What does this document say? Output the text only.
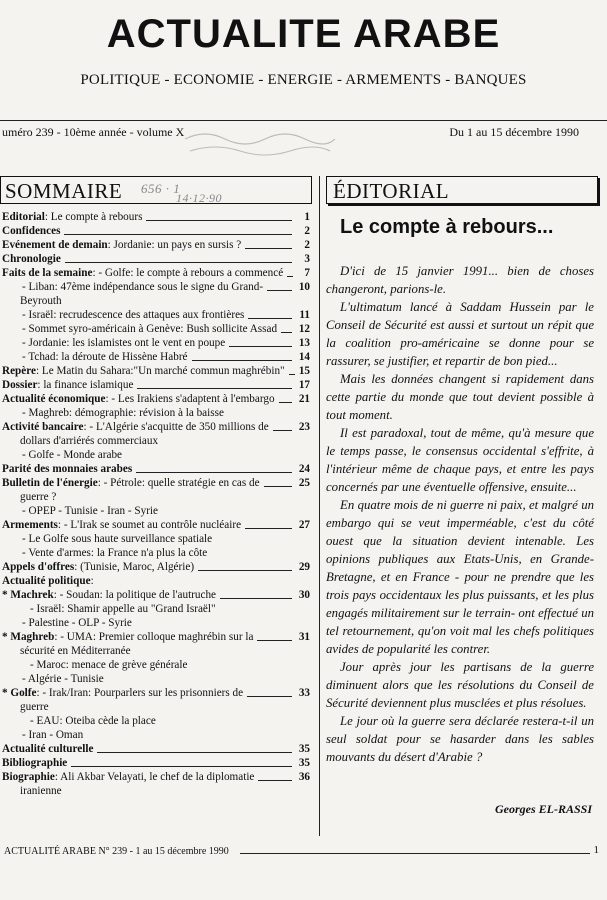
ACTUALITE ARABE
POLITIQUE - ECONOMIE - ENERGIE - ARMEMENTS - BANQUES
uméro 239 - 10ème année - volume X	Du 1 au 15 décembre 1990
SOMMAIRE 656 · 1
14·12·90
Editorial: Le compte à rebours	1
Confidences	2
Evénement de demain: Jordanie: un pays en sursis ?	2
Chronologie	3
Faits de la semaine: - Golfe: le compte à rebours a commencé	7
- Liban: 47ème indépendance sous le signe du Grand-	10
Beyrouth
- Israël: recrudescence des attaques aux frontières	11
- Sommet syro-américain à Genève: Bush sollicite Assad 12
- Jordanie: les islamistes ont le vent en poupe	13
- Tchad: la déroute de Hissène Habré	14
Repère: Le Matin du Sahara:"Un marché commun maghrébin" 15
Dossier: la finance islamique	17
Actualité économique: - Les Irakiens s'adaptent à l'embargo 21
- Maghreb: démographie: révision à la baisse
Activité bancaire: - L'Algérie s'acquitte de 350 millions de	23
dollars d'arriérés commerciaux
- Golfe - Monde arabe
Parité des monnaies arabes	24
Bulletin de l'énergie: - Pétrole: quelle stratégie en cas de	25
guerre ?
- OPEP - Tunisie - Iran - Syrie
Armements: - L'Irak se soumet au contrôle nucléaire	27
- Le Golfe sous haute surveillance spatiale
- Vente d'armes: la France n'a plus la côte
Appels d'offres: (Tunisie, Maroc, Algérie)	29
Actualité politique:
* Machrek: - Soudan: la politique de l'autruche	30
- Israël: Shamir appelle au "Grand Israël"
- Palestine - OLP - Syrie
* Maghreb: - UMA: Premier colloque maghrébin sur la	31
sécurité en Méditerranée
- Maroc: menace de grève générale
- Algérie - Tunisie
* Golfe: - Irak/Iran: Pourparlers sur les prisonniers de	33
guerre
- EAU: Oteiba cède la place
- Iran - Oman
Actualité culturelle	35
Bibliographie	35
Biographie: Ali Akbar Velayati, le chef de la diplomatie	36
iranienne
ÉDITORIAL
Le compte à rebours...

D'ici de 15 janvier 1991... bien de choses changeront, parions-le.

L'ultimatum lancé à Saddam Hussein par le Conseil de Sécurité est aussi et surtout un répit que la coalition pro-américaine se donne pour se rassurer, se justifier, et repartir de bon pied...

Mais les données changent si rapidement dans cette partie du monde que tout devient possible à tout moment.

Il est paradoxal, tout de même, qu'à mesure que le temps passe, le consensus occidental s'effrite, à l'intérieur même de chaque pays, et entre les pays concernés par une éventuelle offensive, ensuite...

En quatre mois de ni guerre ni paix, et malgré un embargo qui se veut imperméable, c'est du côté ouest que la situation devient intenable. Les opinions publiques aux Etats-Unis, en Grande-Bretagne, et en France - pour ne prendre que les trois pays occidentaux les plus puissants, et les plus engagés militairement sur le terrain- ont effectué un tel retournement, qu'on voit mal les chefs politiques avides de popularité les contrer.

Jour après jour les partisans de la guerre diminuent alors que les résolutions du Conseil de Sécurité deviennent plus musclées et plus résolues.

Le jour où la guerre sera déclarée restera-t-il un seul soldat pour se hasarder dans les sables mouvants du désert d'Arabie ?

Georges EL-RASSI
ACTUALITÉ ARABE N° 239 - 1 au 15 décembre 1990	1
